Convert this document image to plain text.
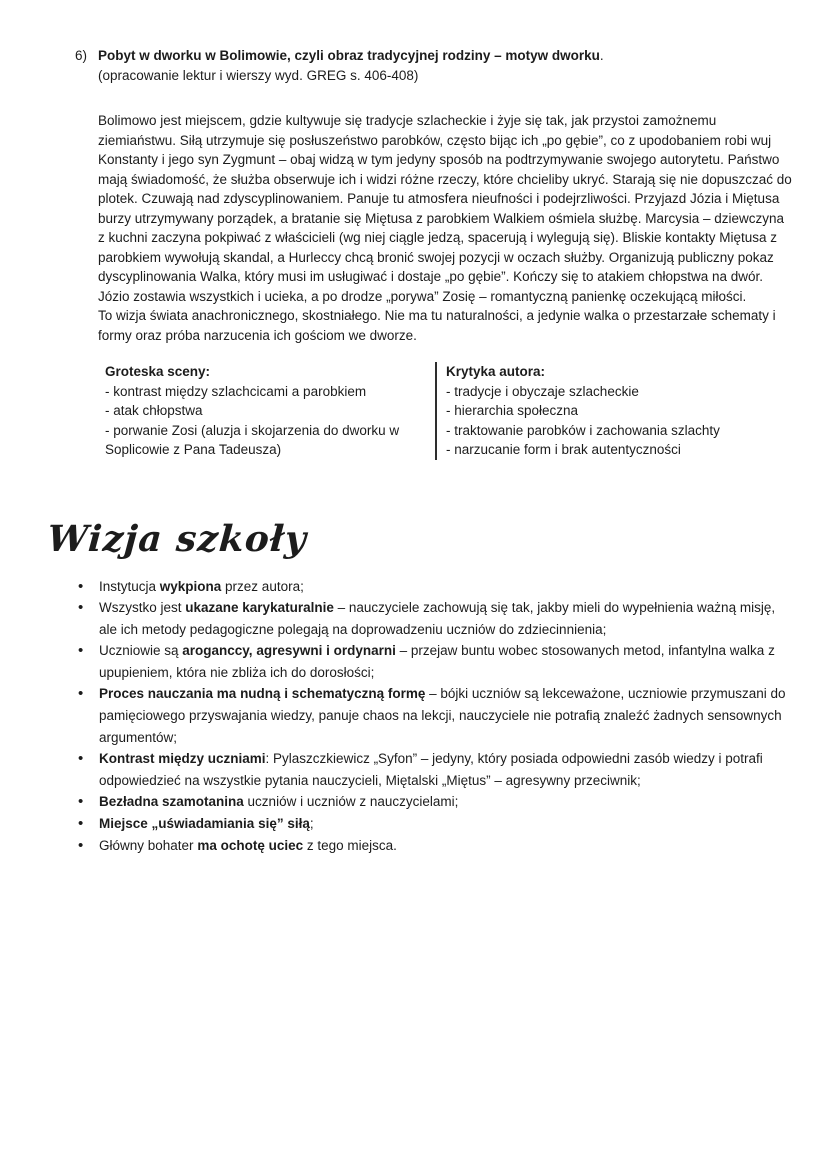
6) Pobyt w dworku w Bolimowie, czyli obraz tradycyjnej rodziny – motyw dworku.
(opracowanie lektur i wierszy wyd. GREG s. 406-408)

Bolimowo jest miejscem, gdzie kultywuje się tradycje szlacheckie i żyje się tak, jak przystoi zamożnemu ziemiaństwu. Siłą utrzymuje się posłuszeństwo parobków, często bijąc ich „po gębie”, co z upodobaniem robi wuj Konstanty i jego syn Zygmunt – obaj widzą w tym jedyny sposób na podtrzymywanie swojego autorytetu. Państwo mają świadomość, że służba obserwuje ich i widzi różne rzeczy, które chcieliby ukryć. Starają się nie dopuszczać do plotek. Czuwają nad zdyscyplinowaniem. Panuje tu atmosfera nieufności i podejrzliwości. Przyjazd Józia i Miętusa burzy utrzymywany porządek, a bratanie się Miętusa z parobkiem Walkiem ośmiela służbę. Marcysia – dziewczyna z kuchni zaczyna pokpiwać z właścicieli (wg niej ciągle jedzą, spacerują i wylegują się). Bliskie kontakty Miętusa z parobkiem wywołują skandal, a Hurleccy chcą bronić swojej pozycji w oczach służby. Organizują publiczny pokaz dyscyplinowania Walka, który musi im usługiwać i dostaje „po gębie”. Kończy się to atakiem chłopstwa na dwór. Józio zostawia wszystkich i ucieka, a po drodze „porywa” Zosię – romantyczną panienkę oczekującą miłości.

To wizja świata anachronicznego, skostniałego. Nie ma tu naturalności, a jedynie walka o przestarzałe schematy i formy oraz próba narzucenia ich gościom we dworze.

Groteska sceny:
- kontrast między szlachcicami a parobkiem
- atak chłopstwa
- porwanie Zosi (aluzja i skojarzenia do dworku w Soplicowie z Pana Tadeusza)
Krytyka autora:
- tradycje i obyczaje szlacheckie
- hierarchia społeczna
- traktowanie parobków i zachowania szlachty
- narzucanie form i brak autentyczności
Wizja szkoły
• Instytucja wykpiona przez autora;
• Wszystko jest ukazane karykaturalnie – nauczyciele zachowują się tak, jakby mieli do wypełnienia ważną misję, ale ich metody pedagogiczne polegają na doprowadzeniu uczniów do zdziecinnienia;
• Uczniowie są aroganccy, agresywni i ordynarni – przejaw buntu wobec stosowanych metod, infantylna walka z upupieniem, która nie zbliża ich do dorosłości;
• Proces nauczania ma nudną i schematyczną formę – bójki uczniów są lekceważone, uczniowie przymuszani do pamięciowego przyswajania wiedzy, panuje chaos na lekcji, nauczyciele nie potrafią znaleźć żadnych sensownych argumentów;
• Kontrast między uczniami: Pylaszczkiewicz „Syfon” – jedyny, który posiada odpowiedni zasób wiedzy i potrafi odpowiedzieć na wszystkie pytania nauczycieli, Miętalski „Miętus” – agresywny przeciwnik;
• Bezładna szamotanina uczniów i uczniów z nauczycielami;
• Miejsce „uświadamiania się” siłą;
• Główny bohater ma ochotę uciec z tego miejsca.
